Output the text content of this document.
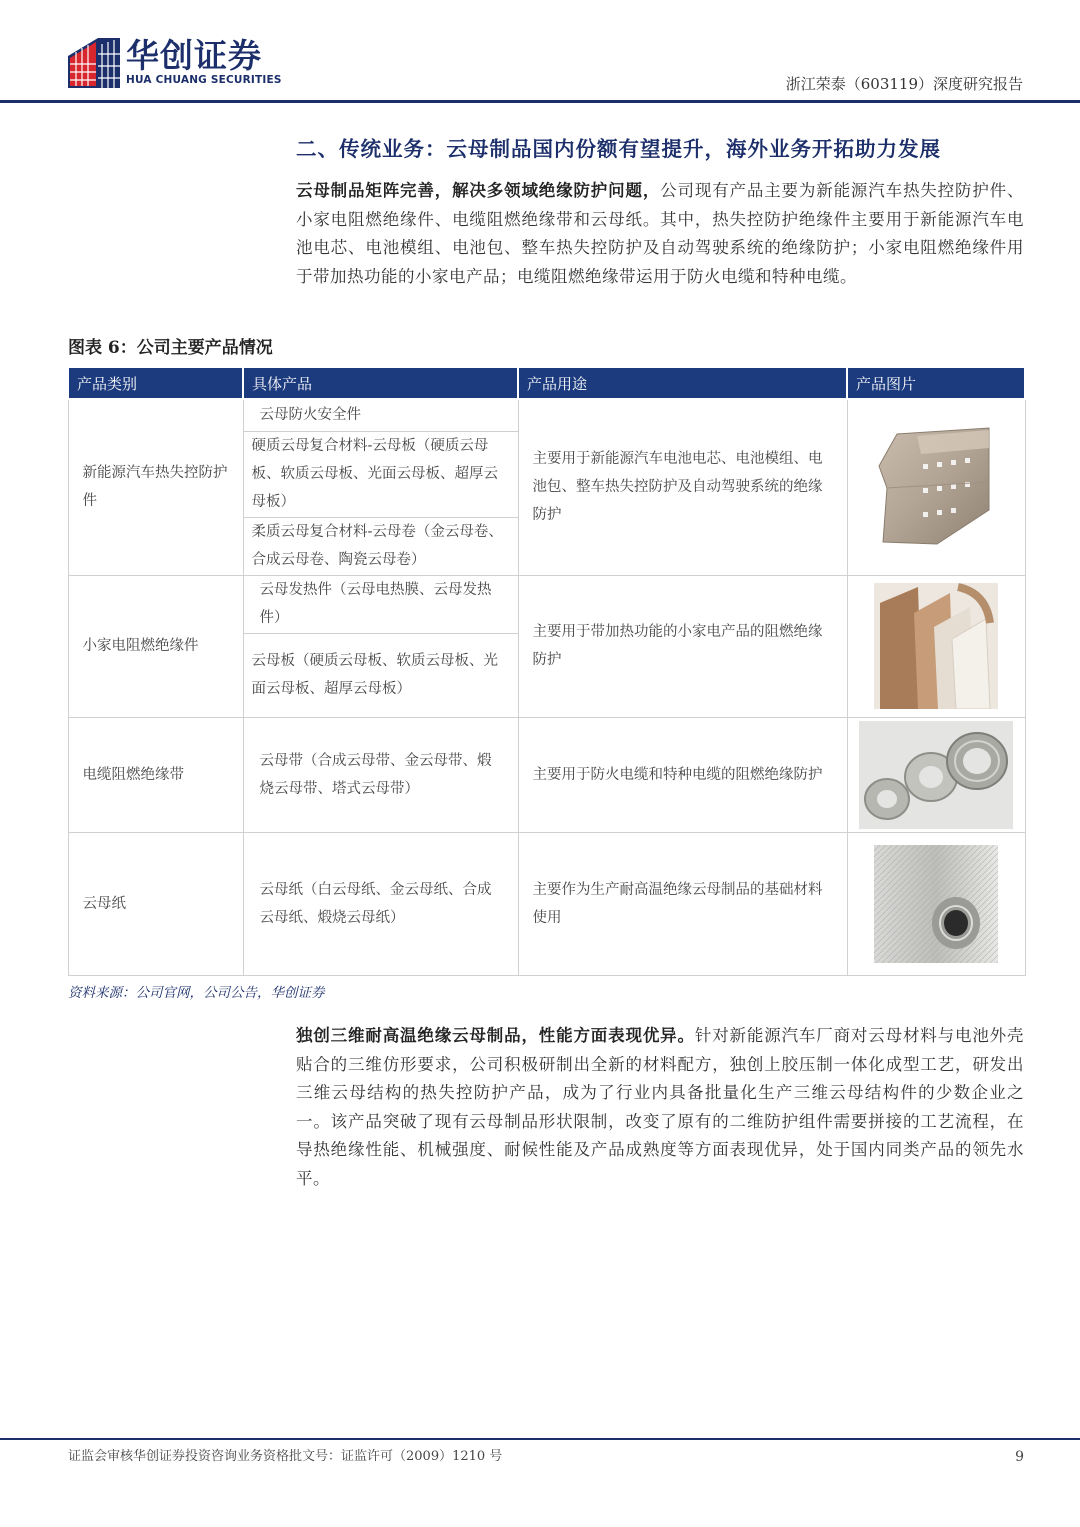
华创证券
HUA CHUANG SECURITIES	浙江荣泰（603119）深度研究报告
二、传统业务：云母制品国内份额有望提升，海外业务开拓助力发展
云母制品矩阵完善，解决多领域绝缘防护问题，公司现有产品主要为新能源汽车热失控防护件、小家电阻燃绝缘件、电缆阻燃绝缘带和云母纸。其中，热失控防护绝缘件主要用于新能源汽车电池电芯、电池模组、电池包、整车热失控防护及自动驾驶系统的绝缘防护；小家电阻燃绝缘件用于带加热功能的小家电产品；电缆阻燃绝缘带运用于防火电缆和特种电缆。
图表 6：公司主要产品情况
产品类别	具体产品	产品用途	产品图片
新能源汽车热失控防护件	云母防火安全件	主要用于新能源汽车电池电芯、电池模组、电池包、整车热失控防护及自动驾驶系统的绝缘防护	

	硬质云母复合材料-云母板（硬质云母板、软质云母板、光面云母板、超厚云母板）		
	柔质云母复合材料-云母卷（金云母卷、合成云母卷、陶瓷云母卷）		
小家电阻燃绝缘件	云母发热件（云母电热膜、云母发热件）	主要用于带加热功能的小家电产品的阻燃绝缘防护	

	云母板（硬质云母板、软质云母板、光面云母板、超厚云母板）		
电缆阻燃绝缘带	云母带（合成云母带、金云母带、煅烧云母带、塔式云母带）	主要用于防火电缆和特种电缆的阻燃绝缘防护	

云母纸	云母纸（白云母纸、金云母纸、合成云母纸、煅烧云母纸）	主要作为生产耐高温绝缘云母制品的基础材料使用	
资料来源：公司官网，公司公告，华创证券
独创三维耐高温绝缘云母制品，性能方面表现优异。针对新能源汽车厂商对云母材料与电池外壳贴合的三维仿形要求，公司积极研制出全新的材料配方，独创上胶压制一体化成型工艺，研发出三维云母结构的热失控防护产品，成为了行业内具备批量化生产三维云母结构件的少数企业之一。该产品突破了现有云母制品形状限制，改变了原有的二维防护组件需要拼接的工艺流程，在导热绝缘性能、机械强度、耐候性能及产品成熟度等方面表现优异，处于国内同类产品的领先水平。
证监会审核华创证券投资咨询业务资格批文号：证监许可（2009）1210 号	9
